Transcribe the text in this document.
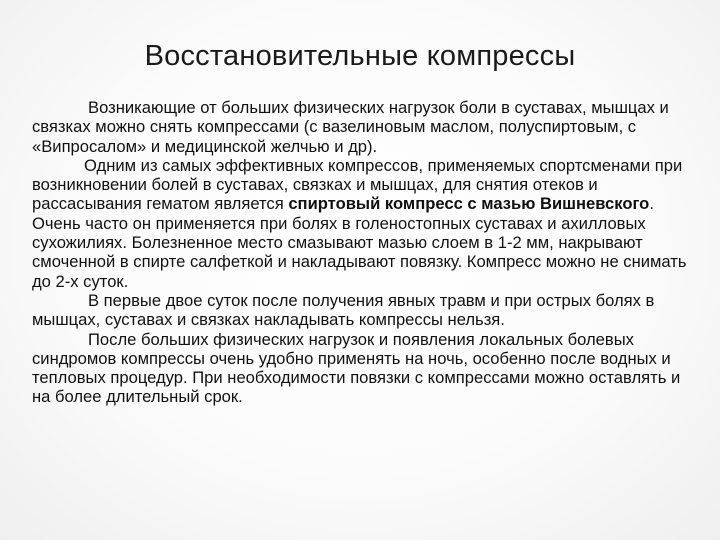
Восстановительные компрессы

Возникающие от больших физических нагрузок боли в суставах, мышцах и связках можно снять компрессами (с вазелиновым маслом, полуспиртовым, с «Випросалом» и медицинской желчью и др).

Одним из самых эффективных компрессов, применяемых спортсменами при возникновении болей в суставах, связках и мышцах, для снятия отеков и рассасывания гематом является спиртовый компресс с мазью Вишневского. Очень часто он применяется при болях в голеностопных суставах и ахилловых сухожилиях. Болезненное место смазывают мазью слоем в 1-2 мм, накрывают смоченной в спирте салфеткой и накладывают повязку. Компресс можно не снимать до 2-х суток.

В первые двое суток после получения явных травм и при острых болях в мышцах, суставах и связках накладывать компрессы нельзя.

После больших физических нагрузок и появления локальных болевых синдромов компрессы очень удобно применять на ночь, особенно после водных и тепловых процедур. При необходимости повязки с компрессами можно оставлять и на более длительный срок.
